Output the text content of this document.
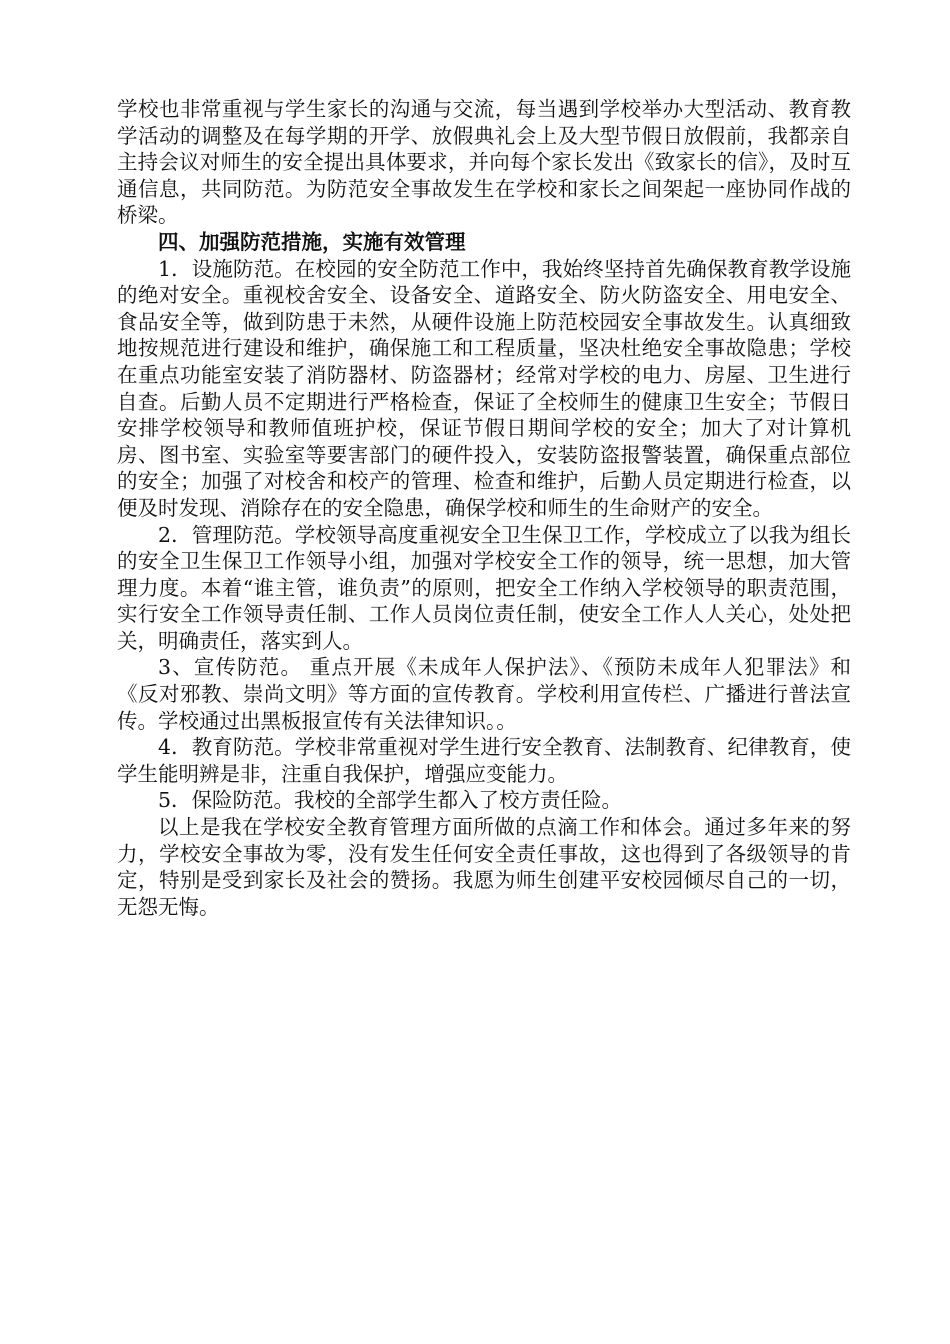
学校也非常重视与学生家长的沟通与交流，每当遇到学校举办大型活动、教育教学活动的调整及在每学期的开学、放假典礼会上及大型节假日放假前，我都亲自主持会议对师生的安全提出具体要求，并向每个家长发出《致家长的信》，及时互通信息，共同防范。为防范安全事故发生在学校和家长之间架起一座协同作战的桥梁。

四、加强防范措施，实施有效管理

1．设施防范。在校园的安全防范工作中，我始终坚持首先确保教育教学设施的绝对安全。重视校舍安全、设备安全、道路安全、防火防盗安全、用电安全、食品安全等，做到防患于未然，从硬件设施上防范校园安全事故发生。认真细致地按规范进行建设和维护，确保施工和工程质量，坚决杜绝安全事故隐患；学校在重点功能室安装了消防器材、防盗器材；经常对学校的电力、房屋、卫生进行自查。后勤人员不定期进行严格检查，保证了全校师生的健康卫生安全；节假日安排学校领导和教师值班护校，保证节假日期间学校的安全；加大了对计算机房、图书室、实验室等要害部门的硬件投入，安装防盗报警装置，确保重点部位的安全；加强了对校舍和校产的管理、检查和维护，后勤人员定期进行检查，以便及时发现、消除存在的安全隐患，确保学校和师生的生命财产的安全。

2．管理防范。学校领导高度重视安全卫生保卫工作，学校成立了以我为组长的安全卫生保卫工作领导小组，加强对学校安全工作的领导，统一思想，加大管理力度。本着“谁主管，谁负责”的原则，把安全工作纳入学校领导的职责范围，实行安全工作领导责任制、工作人员岗位责任制，使安全工作人人关心，处处把关，明确责任，落实到人。

3、宣传防范。 重点开展《未成年人保护法》、《预防未成年人犯罪法》和《反对邪教、崇尚文明》等方面的宣传教育。学校利用宣传栏、广播进行普法宣传。学校通过出黑板报宣传有关法律知识。。

4．教育防范。学校非常重视对学生进行安全教育、法制教育、纪律教育，使学生能明辨是非，注重自我保护，增强应变能力。

5．保险防范。我校的全部学生都入了校方责任险。

以上是我在学校安全教育管理方面所做的点滴工作和体会。通过多年来的努力，学校安全事故为零，没有发生任何安全责任事故，这也得到了各级领导的肯定，特别是受到家长及社会的赞扬。我愿为师生创建平安校园倾尽自己的一切，无怨无悔。
